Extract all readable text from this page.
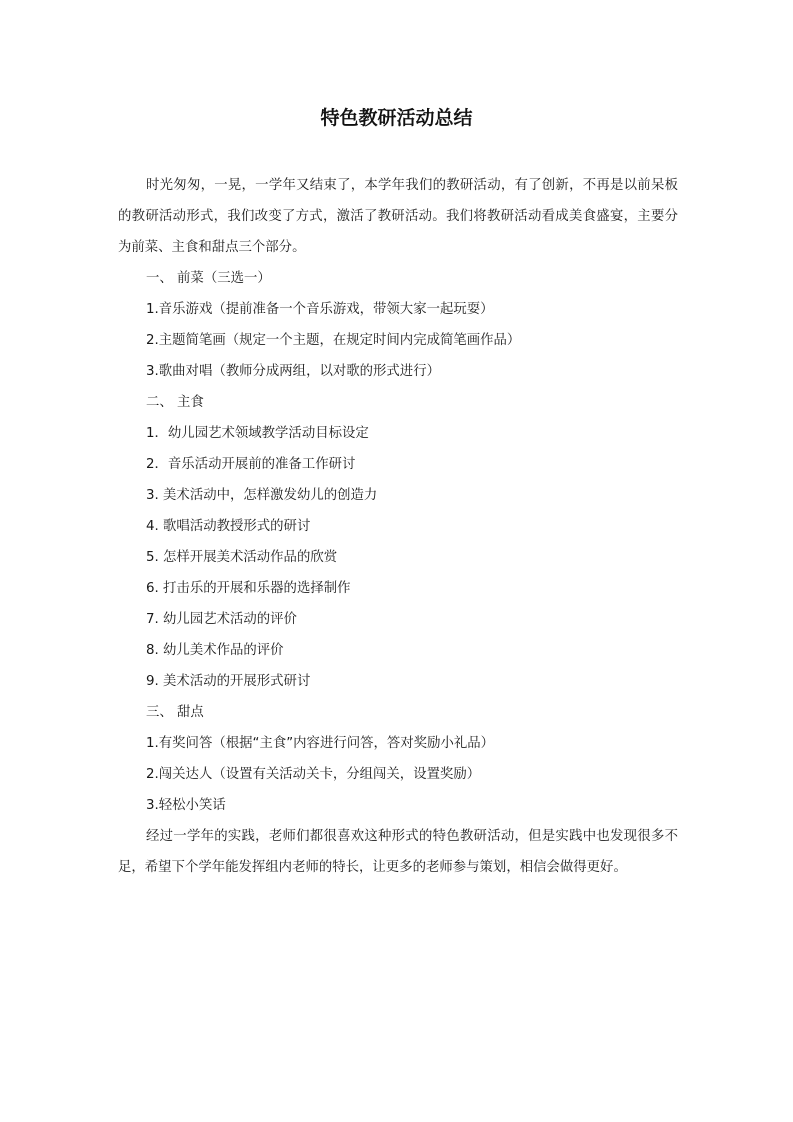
特色教研活动总结

时光匆匆，一晃，一学年又结束了，本学年我们的教研活动，有了创新，不再是以前呆板的教研活动形式，我们改变了方式，激活了教研活动。我们将教研活动看成美食盛宴，主要分为前菜、主食和甜点三个部分。

一、 前菜（三选一）

1.音乐游戏（提前准备一个音乐游戏，带领大家一起玩耍）

2.主题简笔画（规定一个主题，在规定时间内完成简笔画作品）

3.歌曲对唱（教师分成两组，以对歌的形式进行）

二、 主食

1．幼儿园艺术领域教学活动目标设定

2．音乐活动开展前的准备工作研讨

3. 美术活动中，怎样激发幼儿的创造力

4. 歌唱活动教授形式的研讨

5. 怎样开展美术活动作品的欣赏

6. 打击乐的开展和乐器的选择制作

7. 幼儿园艺术活动的评价

8. 幼儿美术作品的评价

9. 美术活动的开展形式研讨

三、 甜点

1.有奖问答（根据“主食”内容进行问答，答对奖励小礼品）

2.闯关达人（设置有关活动关卡，分组闯关，设置奖励）

3.轻松小笑话

经过一学年的实践，老师们都很喜欢这种形式的特色教研活动，但是实践中也发现很多不足，希望下个学年能发挥组内老师的特长，让更多的老师参与策划，相信会做得更好。
